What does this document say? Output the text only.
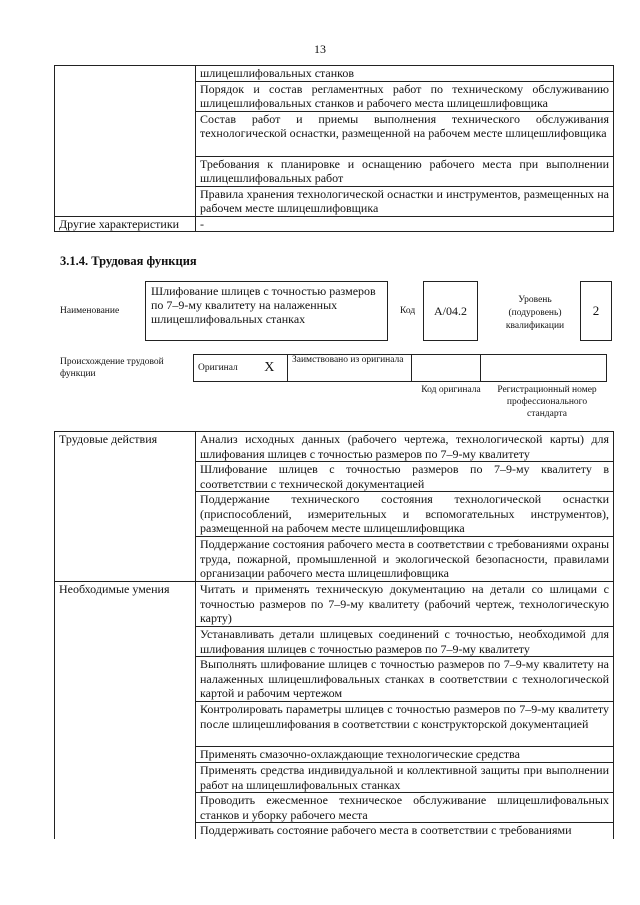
13
	шлицешлифовальных станков
	Порядок и состав регламентных работ по техническому обслуживанию шлицешлифовальных станков и рабочего места шлицешлифовщика
	Состав работ и приемы выполнения технического обслуживания технологической оснастки, размещенной на рабочем месте шлицешлифовщика
	Требования к планировке и оснащению рабочего места при выполнении шлицешлифовальных работ
	Правила хранения технологической оснастки и инструментов, размещенных на рабочем месте шлицешлифовщика
Другие характеристики	-
3.1.4. Трудовая функция
Наименование
Шлифование шлицев с точностью размеров по 7–9-му квалитету на налаженных шлицешлифовальных станках
Код А/04.2
Уровень (подуровень) квалификации
2
Происхождение трудовой функции
Оригинал	X	Заимствовано из оригинала		
Код оригинала	Регистрационный номер профессионального стандарта
Трудовые действия	Анализ исходных данных (рабочего чертежа, технологической карты) для шлифования шлицев с точностью размеров по 7–9-му квалитету
	Шлифование шлицев с точностью размеров по 7–9-му квалитету в соответствии с технической документацией
	Поддержание технического состояния технологической оснастки (приспособлений, измерительных и вспомогательных инструментов), размещенной на рабочем месте шлицешлифовщика
	Поддержание состояния рабочего места в соответствии с требованиями охраны труда, пожарной, промышленной и экологической безопасности, правилами организации рабочего места шлицешлифовщика
Необходимые умения	Читать и применять техническую документацию на детали со шлицами с точностью размеров по 7–9-му квалитету (рабочий чертеж, технологическую карту)
	Устанавливать детали шлицевых соединений с точностью, необходимой для шлифования шлицев с точностью размеров по 7–9-му квалитету
	Выполнять шлифование шлицев с точностью размеров по 7–9-му квалитету на налаженных шлицешлифовальных станках в соответствии с технологической картой и рабочим чертежом
	Контролировать параметры шлицев с точностью размеров по 7–9-му квалитету после шлицешлифования в соответствии с конструкторской документацией
	Применять смазочно-охлаждающие технологические средства
	Применять средства индивидуальной и коллективной защиты при выполнении работ на шлицешлифовальных станках
	Проводить ежесменное техническое обслуживание шлицешлифовальных станков и уборку рабочего места
	Поддерживать состояние рабочего места в соответствии с требованиями
